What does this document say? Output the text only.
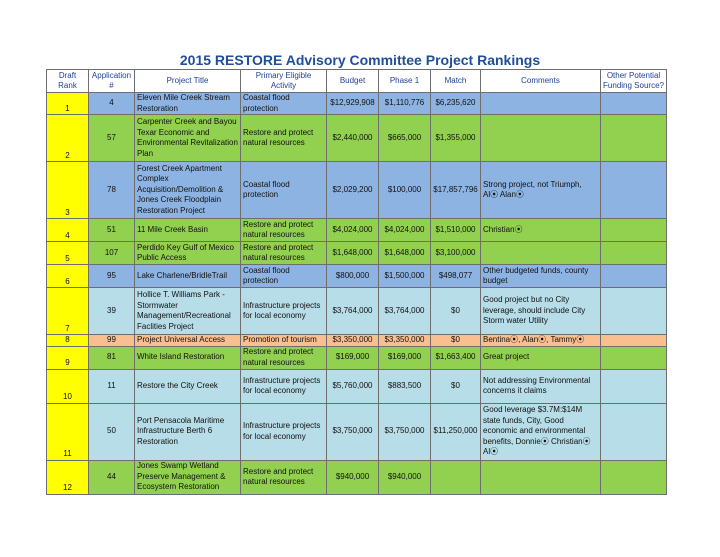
2015 RESTORE Advisory Committee Project Rankings
Draft Rank	Application #	Project Title	Primary Eligible Activity	Budget	Phase 1	Match	Comments	Other Potential Funding Source?
1	4	Eleven Mile Creek Stream Restoration	Coastal flood protection	$12,929,908	$1,110,776	$6,235,620		
2	57	Carpenter Creek and Bayou Texar Economic and Environmental Revitalization Plan	Restore and protect natural resources	$2,440,000	$665,000	$1,355,000		
3	78	Forest Creek Apartment Complex Acquisition/Demolition & Jones Creek Floodplain Restoration Project	Coastal flood protection	$2,029,200	$100,000	$17,857,796	Strong project, not Triumph, Al⦿ Alan⦿	
4	51	11 Mile Creek Basin	Restore and protect natural resources	$4,024,000	$4,024,000	$1,510,000	Christian⦿	
5	107	Perdido Key Gulf of Mexico Public Access	Restore and protect natural resources	$1,648,000	$1,648,000	$3,100,000		
6	95	Lake Charlene/BridleTrail	Coastal flood protection	$800,000	$1,500,000	$498,077	Other budgeted funds, county budget	
7	39	Hollice T. Williams Park - Stormwater Management/Recreational Faclities Project	Infrastructure projects for local economy	$3,764,000	$3,764,000	$0	Good project but no City leverage, should include City Storm water Utility	
8	99	Project Universal Access	Promotion of tourism	$3,350,000	$3,350,000	$0	Bentina⦿, Alan⦿, Tammy⦿	
9	81	White Island Restoration	Restore and protect natural resources	$169,000	$169,000	$1,663,400	Great project	
10	11	Restore the City Creek	Infrastructure projects for local economy	$5,760,000	$883,500	$0	Not addressing Environmental concerns it claims	
11	50	Port Pensacola Maritime Infrastructure Berth 6 Restoration	Infrastructure projects for local economy	$3,750,000	$3,750,000	$11,250,000	Good leverage $3.7M:$14M state funds, City, Good economic and environmental benefits, Donnie⦿ Christian⦿ Al⦿	
12	44	Jones Swamp Wetland Preserve Management & Ecosystem Restoration	Restore and protect natural resources	$940,000	$940,000			
